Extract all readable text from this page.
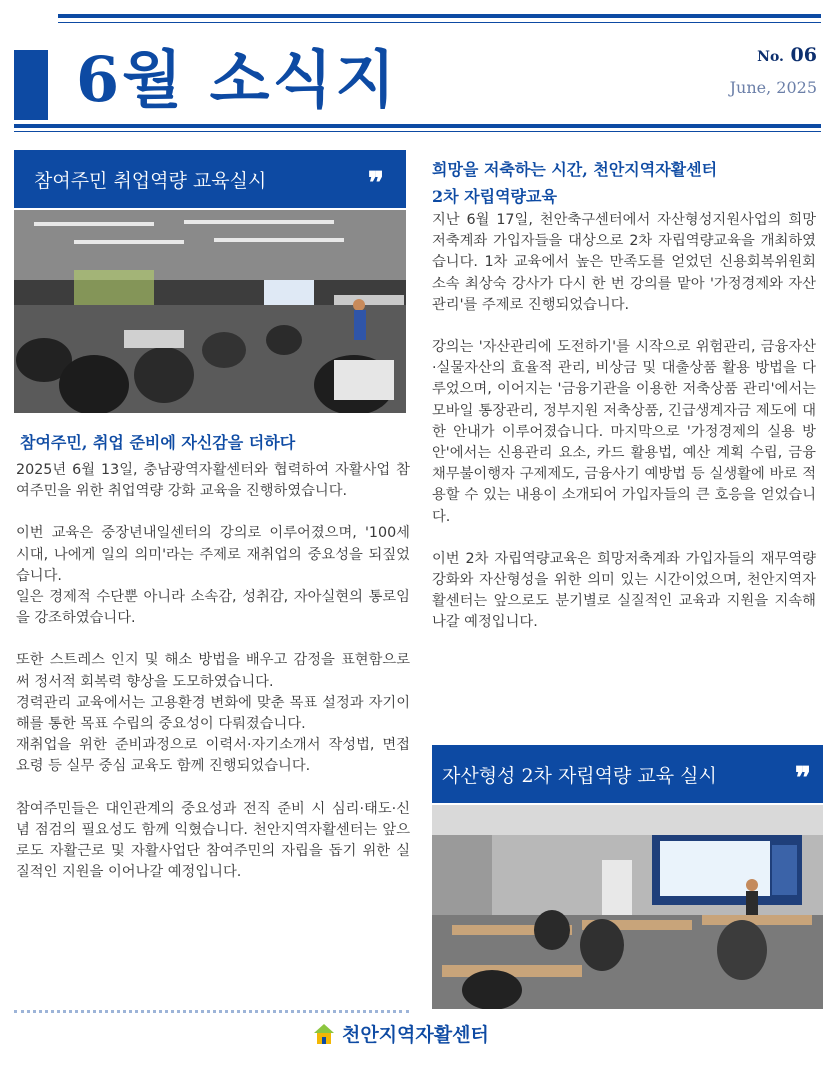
6월 소식지	No. 06
June, 2025
참여주민 취업역량 교육실시	❞
참여주민, 취업 준비에 자신감을 더하다

2025년 6월 13일, 충남광역자활센터와 협력하여 자활사업 참여주민을 위한 취업역량 강화 교육을 진행하였습니다.

이번 교육은 중장년내일센터의 강의로 이루어졌으며, '100세 시대, 나에게 일의 의미'라는 주제로 재취업의 중요성을 되짚었습니다.

일은 경제적 수단뿐 아니라 소속감, 성취감, 자아실현의 통로임을 강조하였습니다.

또한 스트레스 인지 및 해소 방법을 배우고 감정을 표현함으로써 정서적 회복력 향상을 도모하였습니다.

경력관리 교육에서는 고용환경 변화에 맞춘 목표 설정과 자기이해를 통한 목표 수립의 중요성이 다뤄졌습니다.

재취업을 위한 준비과정으로 이력서·자기소개서 작성법, 면접 요령 등 실무 중심 교육도 함께 진행되었습니다.

참여주민들은 대인관계의 중요성과 전직 준비 시 심리·태도·신념 점검의 필요성도 함께 익혔습니다. 천안지역자활센터는 앞으로도 자활근로 및 자활사업단 참여주민의 자립을 돕기 위한 실질적인 지원을 이어나갈 예정입니다.

희망을 저축하는 시간, 천안지역자활센터
2차 자립역량교육

지난 6월 17일, 천안축구센터에서 자산형성지원사업의 희망저축계좌 가입자들을 대상으로 2차 자립역량교육을 개최하였습니다. 1차 교육에서 높은 만족도를 얻었던 신용회복위원회 소속 최상숙 강사가 다시 한 번 강의를 맡아 '가정경제와 자산관리'를 주제로 진행되었습니다.

강의는 '자산관리에 도전하기'를 시작으로 위험관리, 금융자산·실물자산의 효율적 관리, 비상금 및 대출상품 활용 방법을 다루었으며, 이어지는 '금융기관을 이용한 저축상품 관리'에서는 모바일 통장관리, 정부지원 저축상품, 긴급생계자금 제도에 대한 안내가 이루어졌습니다. 마지막으로 '가정경제의 실용 방안'에서는 신용관리 요소, 카드 활용법, 예산 계획 수립, 금융채무불이행자 구제제도, 금융사기 예방법 등 실생활에 바로 적용할 수 있는 내용이 소개되어 가입자들의 큰 호응을 얻었습니다.

이번 2차 자립역량교육은 희망저축계좌 가입자들의 재무역량 강화와 자산형성을 위한 의미 있는 시간이었으며, 천안지역자활센터는 앞으로도 분기별로 실질적인 교육과 지원을 지속해 나갈 예정입니다.

자산형성 2차 자립역량 교육 실시	❞
천안지역자활센터
